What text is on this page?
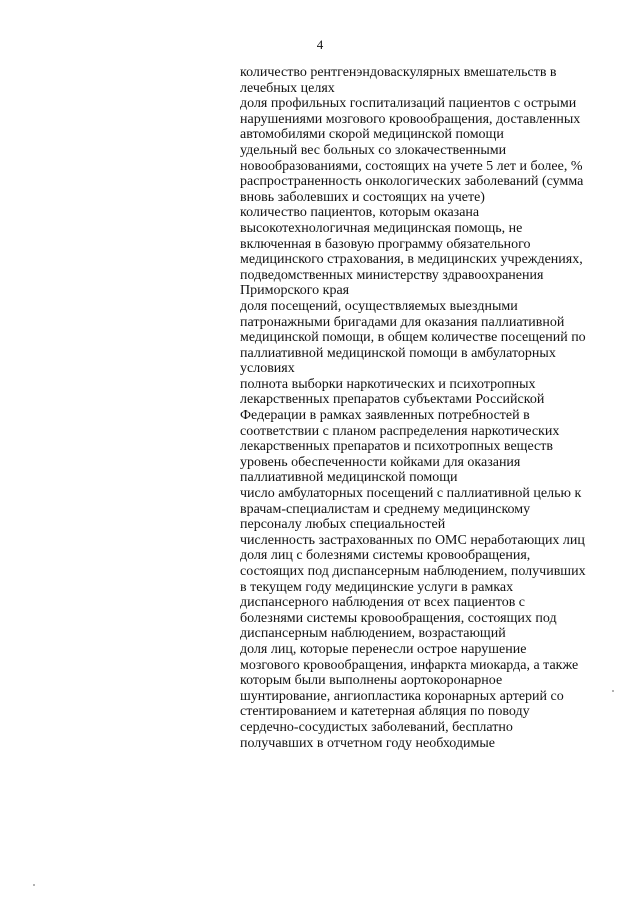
4
количество рентгенэндоваскулярных вмешательств в
лечебных целях
доля профильных госпитализаций пациентов с острыми
нарушениями мозгового кровообращения, доставленных
автомобилями скорой медицинской помощи
удельный вес больных со злокачественными
новообразованиями, состоящих на учете 5 лет и более, %
распространенность онкологических заболеваний (сумма
вновь заболевших и состоящих на учете)
количество пациентов, которым оказана
высокотехнологичная медицинская помощь, не
включенная в базовую программу обязательного
медицинского страхования, в медицинских учреждениях,
подведомственных министерству здравоохранения
Приморского края
доля посещений, осуществляемых выездными
патронажными бригадами для оказания паллиативной
медицинской помощи, в общем количестве посещений по
паллиативной медицинской помощи в амбулаторных
условиях
полнота выборки наркотических и психотропных
лекарственных препаратов субъектами Российской
Федерации в рамках заявленных потребностей в
соответствии с планом распределения наркотических
лекарственных препаратов и психотропных веществ
уровень обеспеченности койками для оказания
паллиативной медицинской помощи
число амбулаторных посещений с паллиативной целью к
врачам-специалистам и среднему медицинскому
персоналу любых специальностей
численность застрахованных по ОМС неработающих лиц
доля лиц с болезнями системы кровообращения,
состоящих под диспансерным наблюдением, получивших
в текущем году медицинские услуги в рамках
диспансерного наблюдения от всех пациентов с
болезнями системы кровообращения, состоящих под
диспансерным наблюдением, возрастающий
доля лиц, которые перенесли острое нарушение
мозгового кровообращения, инфаркта миокарда, а также
которым были выполнены аортокоронарное
шунтирование, ангиопластика коронарных артерий со
стентированием и катетерная абляция по поводу
сердечно-сосудистых заболеваний, бесплатно
получавших в отчетном году необходимые
